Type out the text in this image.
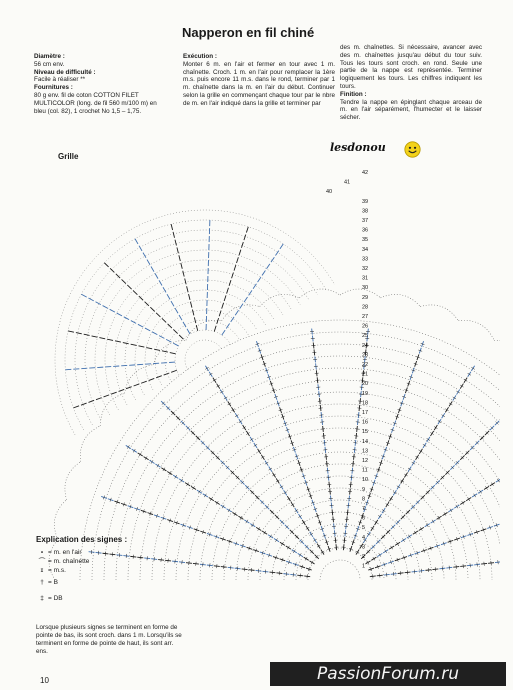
Napperon en fil chiné
Diamètre :
56 cm env.
Niveau de difficulté :
Facile à réaliser **
Fournitures :
80 g env. fil de coton COTTON FILET MULTICOLOR (long. de fil 560 m/100 m) en bleu (col. 82), 1 crochet No 1,5 – 1,75.
Exécution :
Monter 6 m. en l'air et fermer en tour avec 1 m. chaînette. Croch. 1 m. en l'air pour remplacer la 1ère m.s. puis encore 11 m.s. dans le rond, terminer par 1 m. chaînette dans la m. en l'air du début. Continuer selon la grille en commençant chaque tour par le nbre de m. en l'air indiqué dans la grille et terminer par
des m. chaînettes. Si nécessaire, avancer avec des m. chaînettes jusqu'au début du tour suiv. Tous les tours sont croch. en rond. Seule une partie de la nappe est représentée. Terminer logiquement les tours. Les chiffres indiquent les tours.
Finition :
Tendre la nappe en épinglant chaque arceau de m. en l'air séparément, l'humecter et le laisser sécher.
Grille
lesdonou
42
41
40
39
38
37
36
35
34
33
32
31
30
29
28
27
26
25
24
23
22
21
20
19
18
17
16
15
14
13
12
11
10
9
8
7
6
5
4
3
2
1
Explication des signes :
• = m. en l'air
⌒ = m. chaînette
ɪ = m.s.
† = B
‡ = DB
Lorsque plusieurs signes se terminent en forme de pointe de bas, ils sont croch. dans 1 m. Lorsqu'ils se terminent en forme de pointe de haut, ils sont arr. ens.
10	PassionForum.ru
